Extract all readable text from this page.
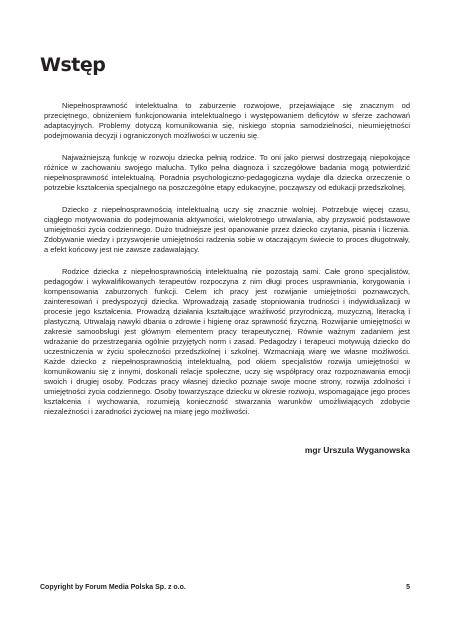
Wstęp

Niepełnosprawność intelektualna to zaburzenie rozwojowe, przejawiające się znacznym od przeciętnego, obniżeniem funkcjonowania intelektualnego i występowaniem deficytów w sferze zachowań adaptacyjnych. Problemy dotyczą komunikowania się, niskiego stopnia samodzielności, nieumiejętności podejmowania decyzji i ograniczonych możliwości w uczeniu się.

Najważniejszą funkcję w rozwoju dziecka pełnią rodzice. To oni jako pierwsi dostrzegają niepokojące różnice w zachowaniu swojego malucha. Tylko pełna diagnoza i szczegółowe badania mogą potwierdzić niepełnosprawność intelektualną. Poradnia psychologiczno-pedagogiczna wydaje dla dziecka orzeczenie o potrzebie kształcenia specjalnego na poszczególne etapy edukacyjne, począwszy od edukacji przedszkolnej.

Dziecko z niepełnosprawnością intelektualną uczy się znacznie wolniej. Potrzebuje więcej czasu, ciągłego motywowania do podejmowania aktywności, wielokrotnego utrwalania, aby przyswoić podstawowe umiejętności życia codziennego. Dużo trudniejsze jest opanowanie przez dziecko czytania, pisania i liczenia. Zdobywanie wiedzy i przyswojenie umiejętności radzenia sobie w otaczającym świecie to proces długotrwały, a efekt końcowy jest nie zawsze zadawalający.

Rodzice dziecka z niepełnosprawnością intelektualną nie pozostają sami. Całe grono specjalistów, pedagogów i wykwalifikowanych terapeutów rozpoczyna z nim długi proces usprawniania, korygowania i kompensowania zaburzonych funkcji. Celem ich pracy jest rozwijanie umiejętności poznawczych, zainteresowań i predyspozycji dziecka. Wprowadzają zasadę stopniowania trudności i indywidualizacji w procesie jego kształcenia. Prowadzą działania kształtujące wrażliwość przyrodniczą, muzyczną, literacką i plastyczną. Utrwalają nawyki dbania o zdrowie i higienę oraz sprawność fizyczną. Rozwijanie umiejętności w zakresie samoobsługi jest głównym elementem pracy terapeutycznej. Równie ważnym zadaniem jest wdrażanie do przestrzegania ogólnie przyjętych norm i zasad. Pedagodzy i terapeuci motywują dziecko do uczestniczenia w życiu społeczności przedszkolnej i szkolnej. Wzmacniają wiarę we własne możliwości. Każde dziecko z niepełnosprawnością intelektualną, pod okiem specjalistów rozwija umiejętności w komunikowaniu się z innymi, doskonali relacje społeczne, uczy się współpracy oraz rozpoznawania emocji swoich i drugiej osoby. Podczas pracy własnej dziecko poznaje swoje mocne strony, rozwija zdolności i umiejętności życia codziennego. Osoby towarzyszące dziecku w okresie rozwoju, wspomagające jego proces kształcenia i wychowania, rozumieją konieczność stwarzania warunków umożliwiających zdobycie niezależności i zaradności życiowej na miarę jego możliwości.

mgr Urszula Wyganowska

Copyright by Forum Media Polska Sp. z o.o.	5
